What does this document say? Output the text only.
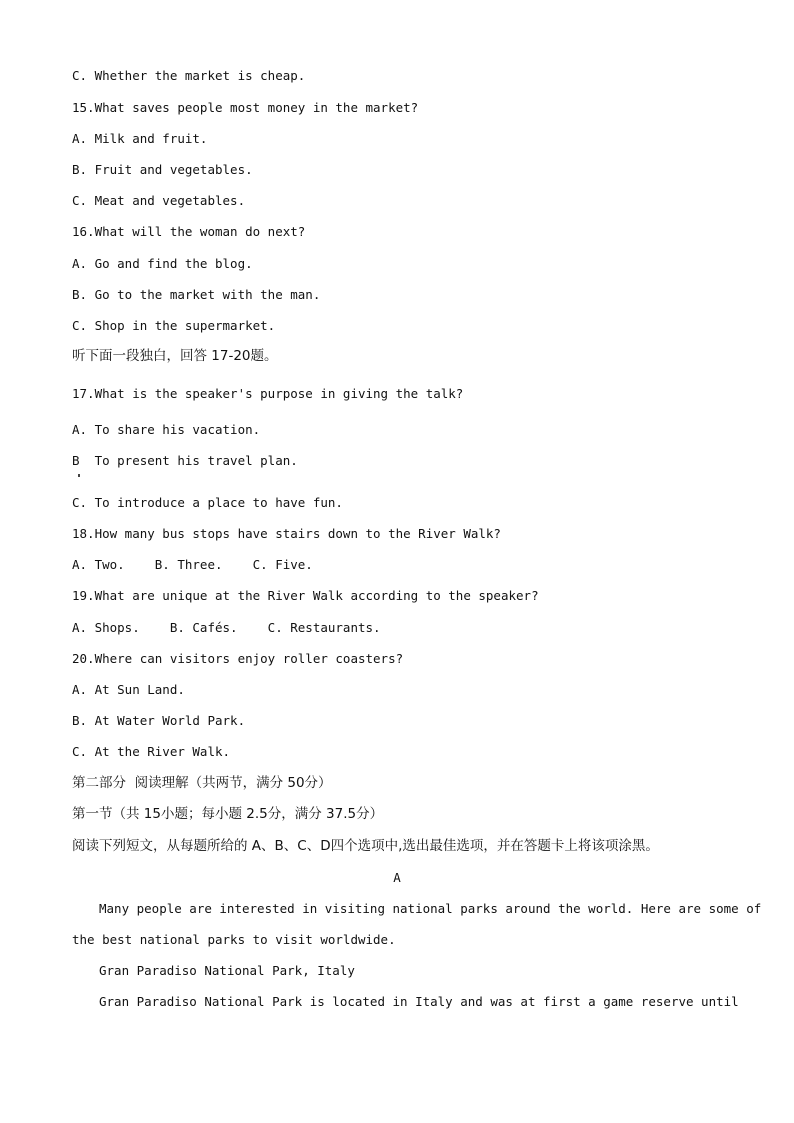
C. Whether the market is cheap.
15.What saves people most money in the market?
A. Milk and fruit.
B. Fruit and vegetables.
C. Meat and vegetables.
16.What will the woman do next?
A. Go and find the blog.
B. Go to the market with the man.
C. Shop in the supermarket.
听下面一段独白，回答 17-20题。
17.What is the speaker's purpose in giving the talk?
A. To share his vacation.
B  To present his travel plan.
C. To introduce a place to have fun.
18.How many bus stops have stairs down to the River Walk?
A. Two.    B. Three.    C. Five.
19.What are unique at the River Walk according to the speaker?
A. Shops.    B. Cafés.    C. Restaurants.
20.Where can visitors enjoy roller coasters?
A. At Sun Land.
B. At Water World Park.
C. At the River Walk.
第二部分  阅读理解（共两节，满分 50分）
第一节（共 15小题；每小题 2.5分，满分 37.5分）
阅读下列短文，从每题所给的 A、B、C、D四个选项中,选出最佳选项，并在答题卡上将该项涂黑。
A
Many people are interested in visiting national parks around the world. Here are some of
the best national parks to visit worldwide.
Gran Paradiso National Park, Italy
Gran Paradiso National Park is located in Italy and was at first a game reserve until
